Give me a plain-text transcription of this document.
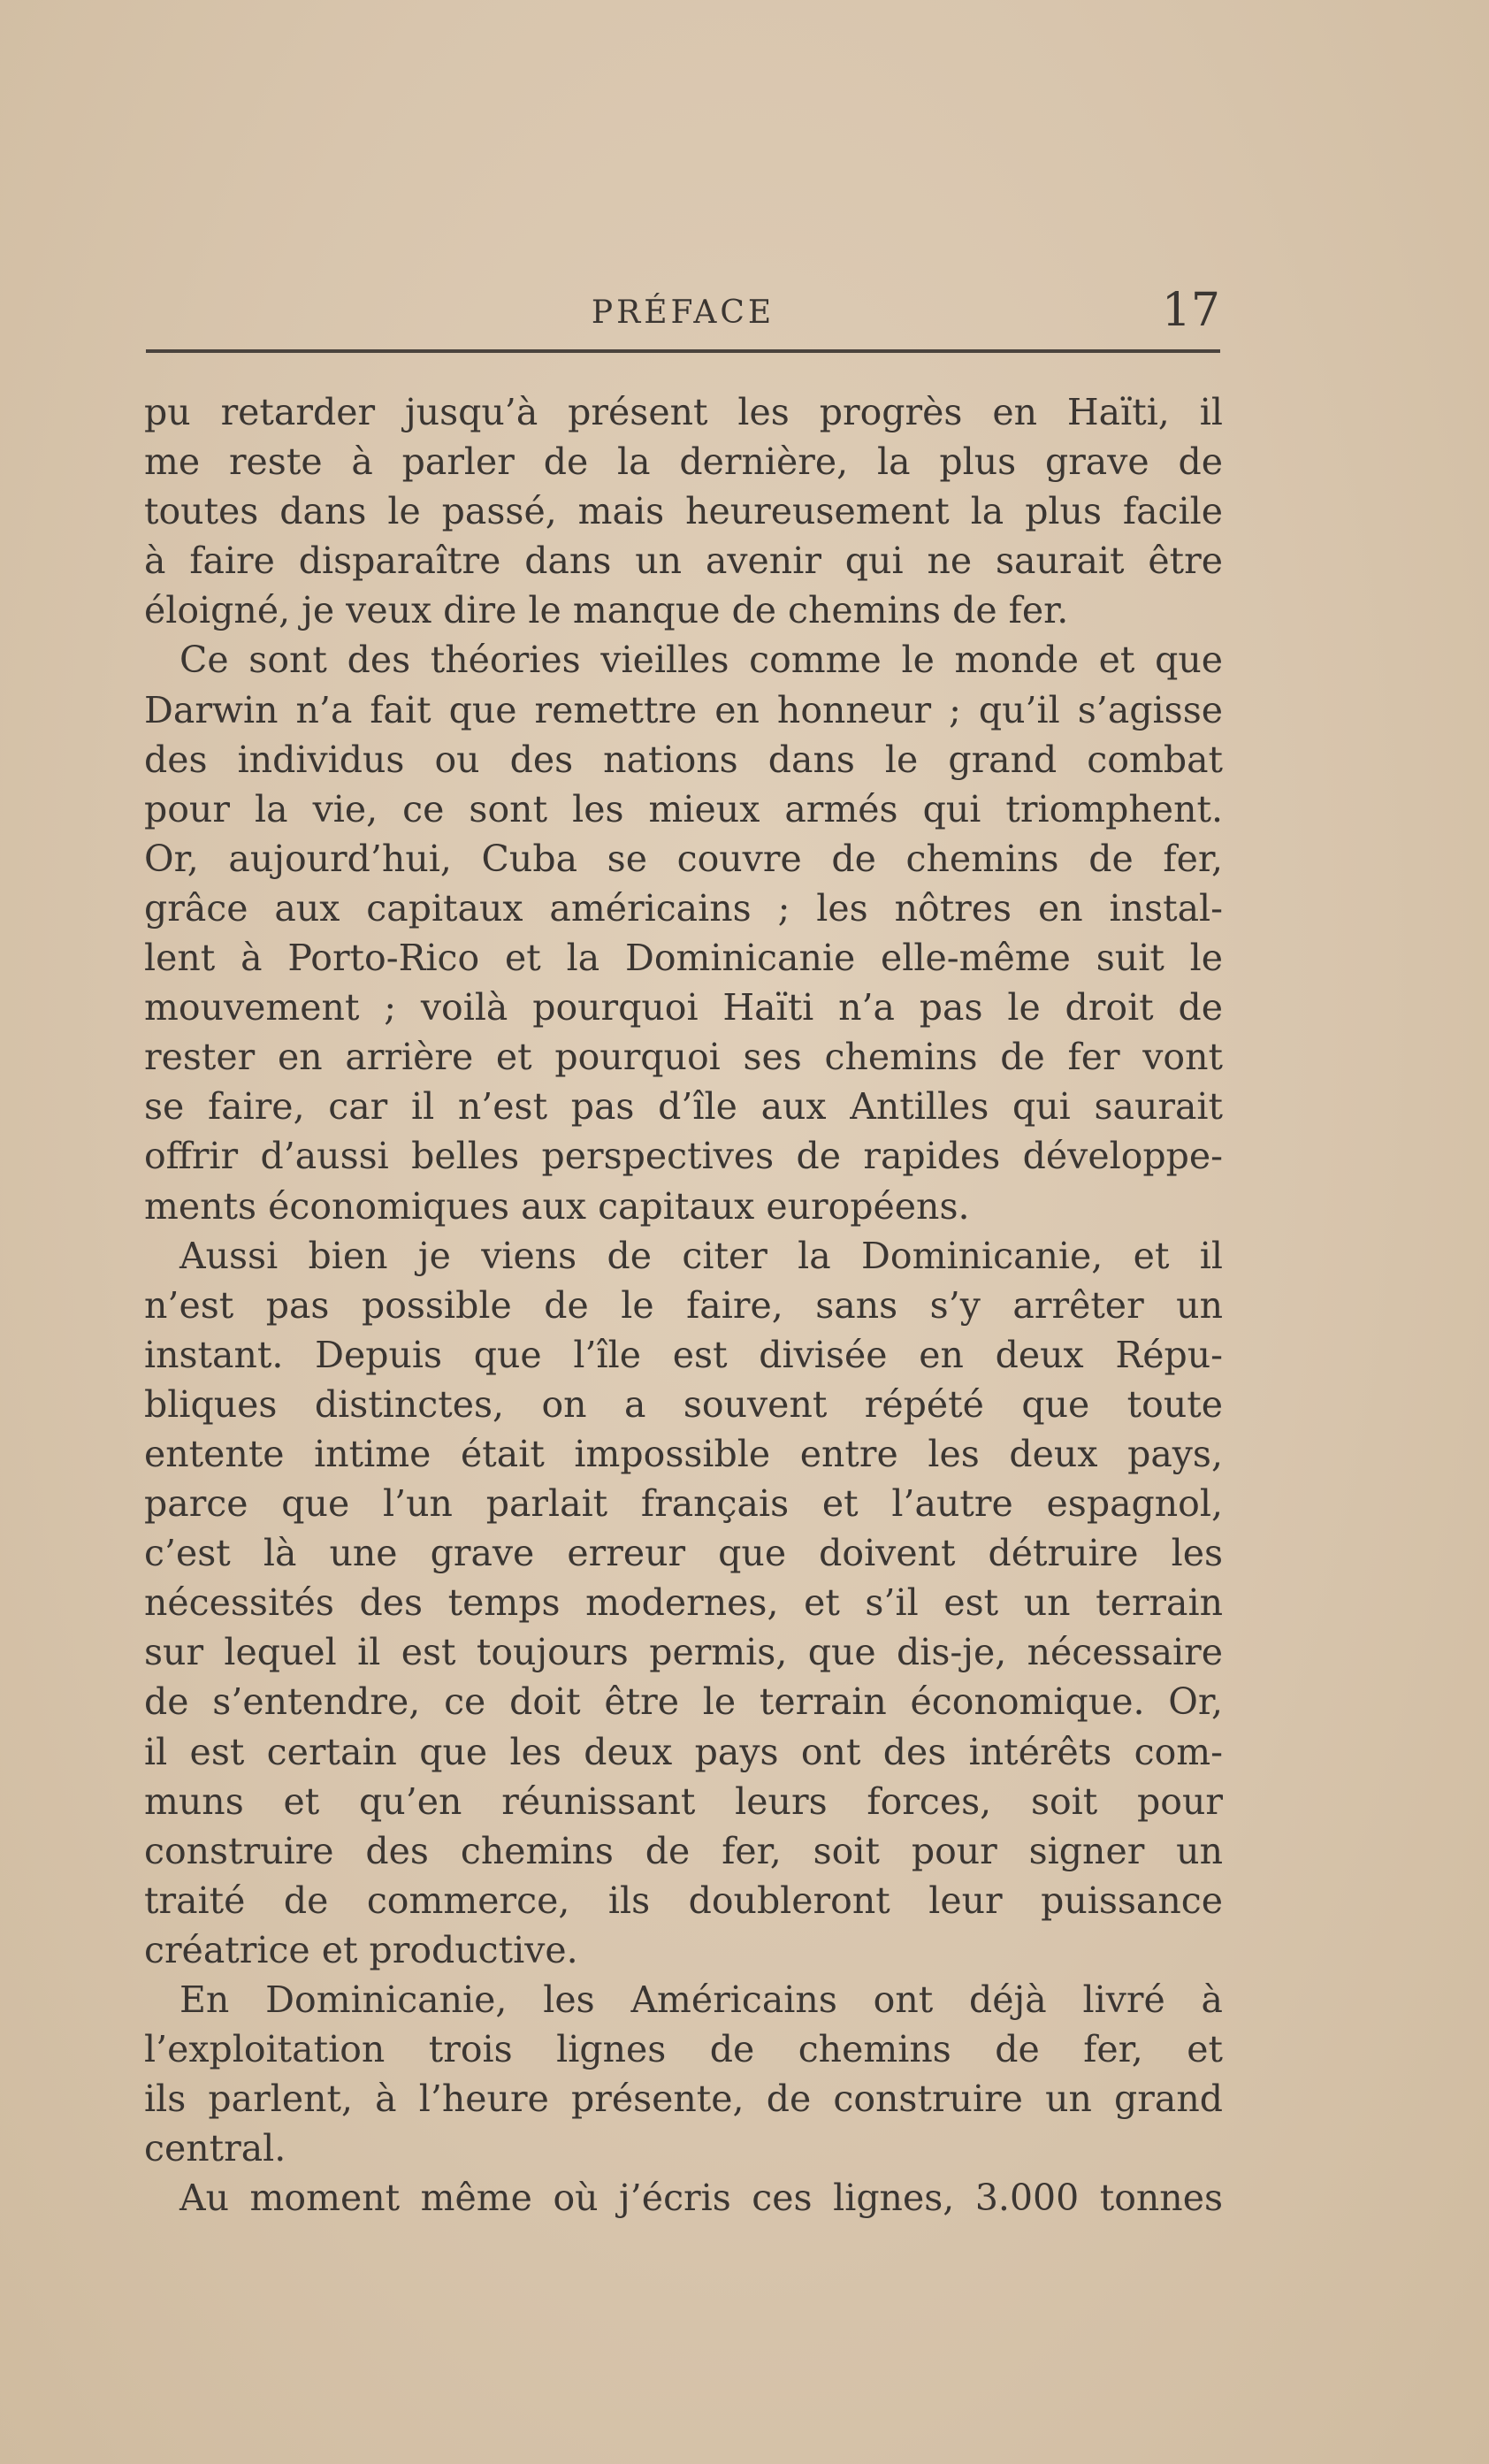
PRÉFACE	17
pu retarder jusqu’à présent les progrès en Haïti, il
me reste à parler de la dernière, la plus grave de
toutes dans le passé, mais heureusement la plus facile
à faire disparaître dans un avenir qui ne saurait être
éloigné, je veux dire le manque de chemins de fer.
Ce sont des théories vieilles comme le monde et que
Darwin n’a fait que remettre en honneur ; qu’il s’agisse
des individus ou des nations dans le grand combat
pour la vie, ce sont les mieux armés qui triomphent.
Or, aujourd’hui, Cuba se couvre de chemins de fer,
grâce aux capitaux américains ; les nôtres en instal-
lent à Porto-Rico et la Dominicanie elle-même suit le
mouvement ; voilà pourquoi Haïti n’a pas le droit de
rester en arrière et pourquoi ses chemins de fer vont
se faire, car il n’est pas d’île aux Antilles qui saurait
offrir d’aussi belles perspectives de rapides développe-
ments économiques aux capitaux européens.
Aussi bien je viens de citer la Dominicanie, et il
n’est pas possible de le faire, sans s’y arrêter un
instant. Depuis que l’île est divisée en deux Répu-
bliques distinctes, on a souvent répété que toute
entente intime était impossible entre les deux pays,
parce que l’un parlait français et l’autre espagnol,
c’est là une grave erreur que doivent détruire les
nécessités des temps modernes, et s’il est un terrain
sur lequel il est toujours permis, que dis-je, nécessaire
de s’entendre, ce doit être le terrain économique. Or,
il est certain que les deux pays ont des intérêts com-
muns et qu’en réunissant leurs forces, soit pour
construire des chemins de fer, soit pour signer un
traité de commerce, ils doubleront leur puissance
créatrice et productive.
En Dominicanie, les Américains ont déjà livré à
l’exploitation trois lignes de chemins de fer, et
ils parlent, à l’heure présente, de construire un grand
central.
Au moment même où j’écris ces lignes, 3.000 tonnes
